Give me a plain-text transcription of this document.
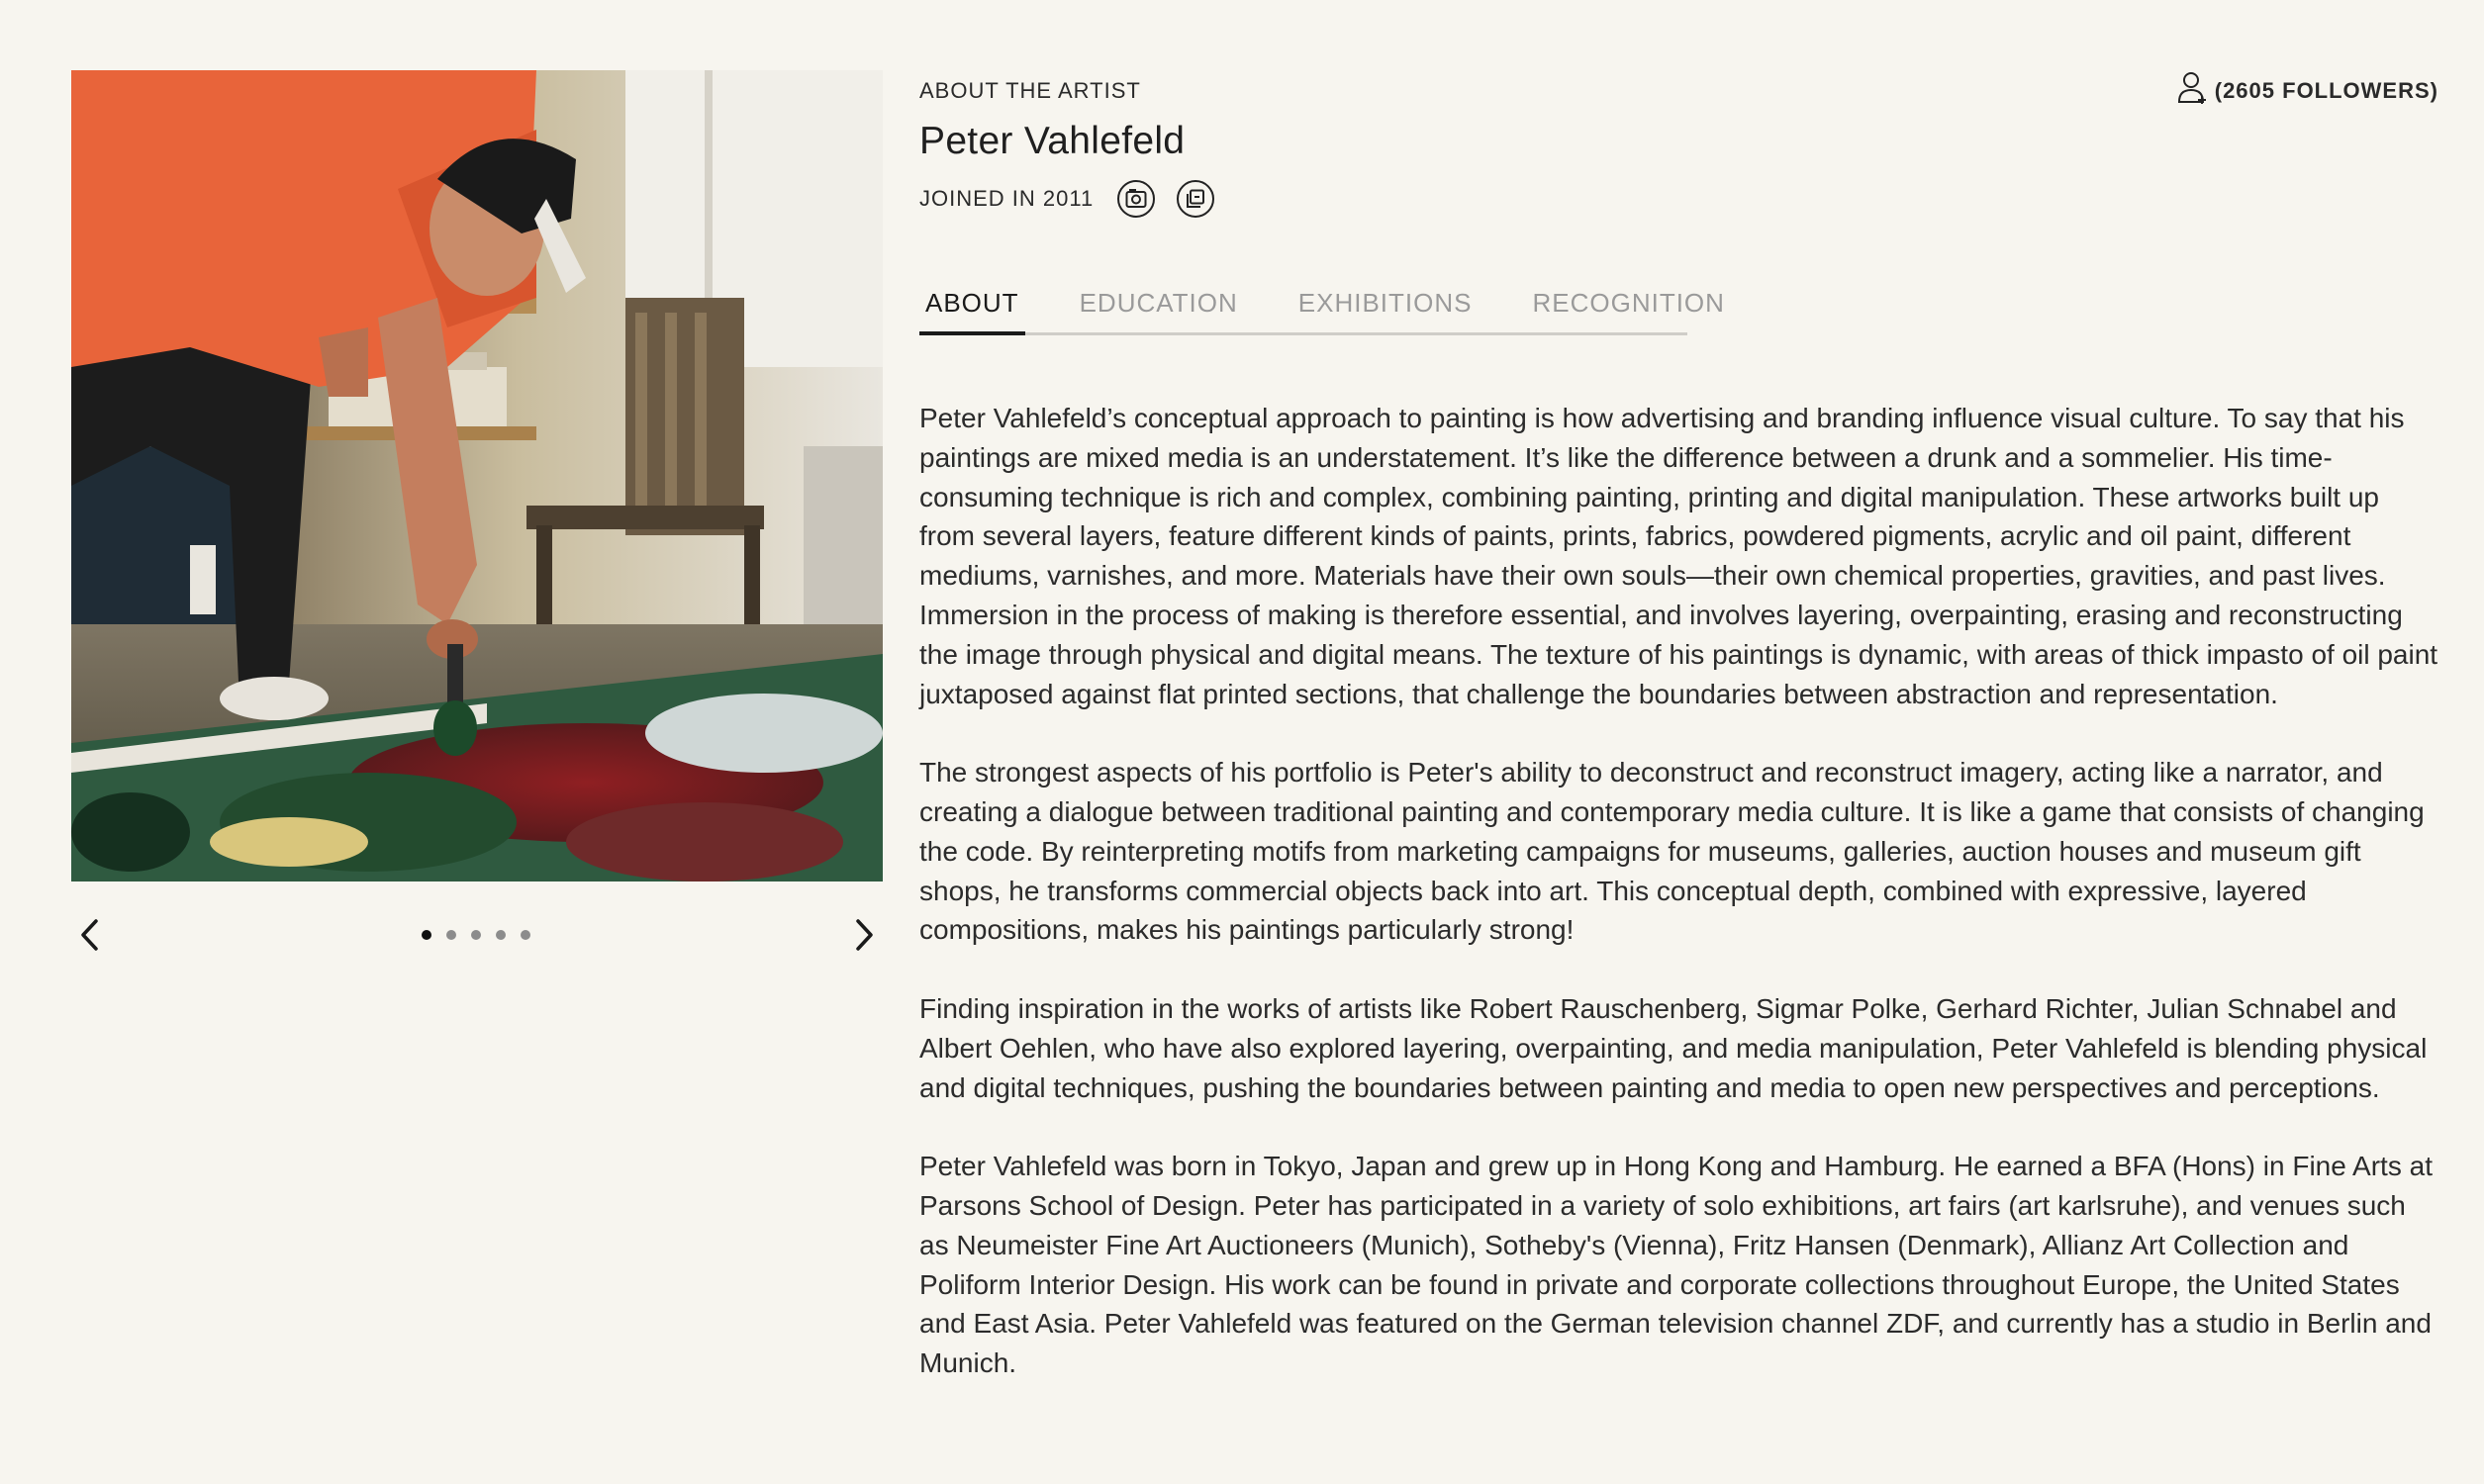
(2605 FOLLOWERS)
ABOUT THE ARTIST
Peter Vahlefeld
JOINED IN 2011
ABOUT EDUCATION EXHIBITIONS RECOGNITION

Peter Vahlefeld’s conceptual approach to painting is how advertising and branding influence visual culture. To say that his paintings are mixed media is an understatement. It’s like the difference between a drunk and a sommelier. His time-consuming technique is rich and complex, combining painting, printing and digital manipulation. These artworks built up from several layers, feature different kinds of paints, prints, fabrics, powdered pigments, acrylic and oil paint, different mediums, varnishes, and more. Materials have their own souls—their own chemical properties, gravities, and past lives. Immersion in the process of making is therefore essential, and involves layering, overpainting, erasing and reconstructing the image through physical and digital means. The texture of his paintings is dynamic, with areas of thick impasto of oil paint juxtaposed against flat printed sections, that challenge the boundaries between abstraction and representation.

The strongest aspects of his portfolio is Peter's ability to deconstruct and reconstruct imagery, acting like a narrator, and creating a dialogue between traditional painting and contemporary media culture. It is like a game that consists of changing the code. By reinterpreting motifs from marketing campaigns for museums, galleries, auction houses and museum gift shops, he transforms commercial objects back into art. This conceptual depth, combined with expressive, layered compositions, makes his paintings particularly strong!

Finding inspiration in the works of artists like Robert Rauschenberg, Sigmar Polke, Gerhard Richter, Julian Schnabel and Albert Oehlen, who have also explored layering, overpainting, and media manipulation, Peter Vahlefeld is blending physical and digital techniques, pushing the boundaries between painting and media to open new perspectives and perceptions.

Peter Vahlefeld was born in Tokyo, Japan and grew up in Hong Kong and Hamburg. He earned a BFA (Hons) in Fine Arts at Parsons School of Design. Peter has participated in a variety of solo exhibitions, art fairs (art karlsruhe), and venues such as Neumeister Fine Art Auctioneers (Munich), Sotheby's (Vienna), Fritz Hansen (Denmark), Allianz Art Collection and Poliform Interior Design. His work can be found in private and corporate collections throughout Europe, the United States and East Asia. Peter Vahlefeld was featured on the German television channel ZDF, and currently has a studio in Berlin and Munich.
